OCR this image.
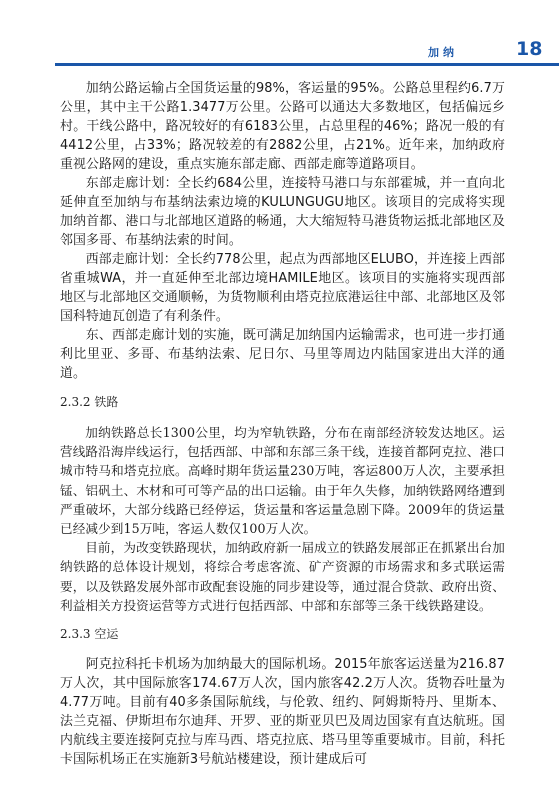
加纳	18

加纳公路运输占全国货运量的98%，客运量的95%。公路总里程约6.7万公里，其中主干公路1.3477万公里。公路可以通达大多数地区，包括偏远乡村。干线公路中，路况较好的有6183公里，占总里程的46%；路况一般的有4412公里，占33%；路况较差的有2882公里，占21%。近年来，加纳政府重视公路网的建设，重点实施东部走廊、西部走廊等道路项目。

东部走廊计划：全长约684公里，连接特马港口与东部霍城，并一直向北延伸直至加纳与布基纳法索边境的KULUNGUGU地区。该项目的完成将实现加纳首都、港口与北部地区道路的畅通，大大缩短特马港货物运抵北部地区及邻国多哥、布基纳法索的时间。

西部走廊计划：全长约778公里，起点为西部地区ELUBO，并连接上西部省重城WA，并一直延伸至北部边境HAMILE地区。该项目的实施将实现西部地区与北部地区交通顺畅，为货物顺利由塔克拉底港运往中部、北部地区及邻国科特迪瓦创造了有利条件。

东、西部走廊计划的实施，既可满足加纳国内运输需求，也可进一步打通利比里亚、多哥、布基纳法索、尼日尔、马里等周边内陆国家进出大洋的通道。

2.3.2 铁路

加纳铁路总长1300公里，均为窄轨铁路，分布在南部经济较发达地区。运营线路沿海岸线运行，包括西部、中部和东部三条干线，连接首都阿克拉、港口城市特马和塔克拉底。高峰时期年货运量230万吨，客运800万人次，主要承担锰、铝矾土、木材和可可等产品的出口运输。由于年久失修，加纳铁路网络遭到严重破坏，大部分线路已经停运，货运量和客运量急剧下降。2009年的货运量已经减少到15万吨，客运人数仅100万人次。

目前，为改变铁路现状，加纳政府新一届成立的铁路发展部正在抓紧出台加纳铁路的总体设计规划，将综合考虑客流、矿产资源的市场需求和多式联运需要，以及铁路发展外部市政配套设施的同步建设等，通过混合贷款、政府出资、利益相关方投资运营等方式进行包括西部、中部和东部等三条干线铁路建设。

2.3.3 空运

阿克拉科托卡机场为加纳最大的国际机场。2015年旅客运送量为216.87万人次，其中国际旅客174.67万人次，国内旅客42.2万人次。货物吞吐量为4.77万吨。目前有40多条国际航线，与伦敦、纽约、阿姆斯特丹、里斯本、法兰克福、伊斯坦布尔迪拜、开罗、亚的斯亚贝巴及周边国家有直达航班。国内航线主要连接阿克拉与库马西、塔克拉底、塔马里等重要城市。目前，科托卡国际机场正在实施新3号航站楼建设，预计建成后可
